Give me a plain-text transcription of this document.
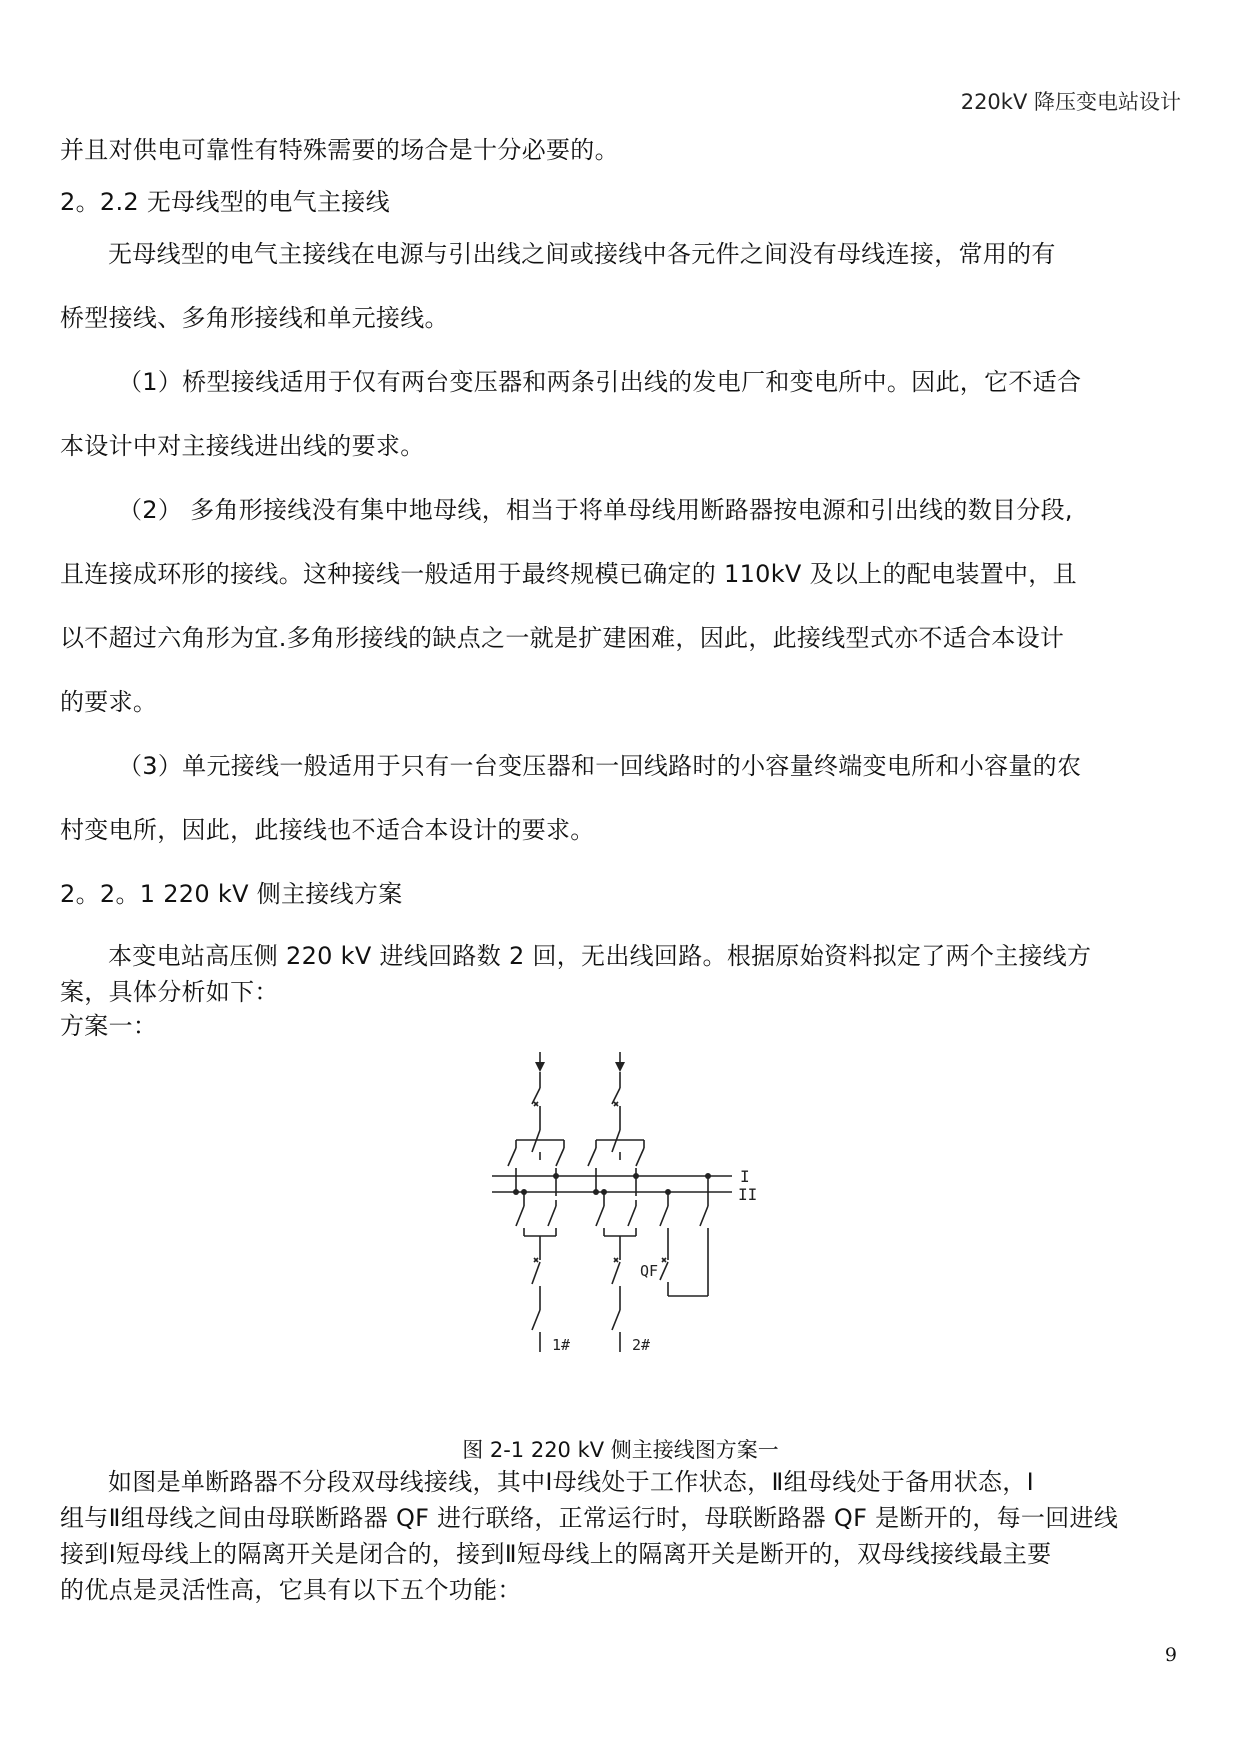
220kV 降压变电站设计
并且对供电可靠性有特殊需要的场合是十分必要的。
2。2.2 无母线型的电气主接线
无母线型的电气主接线在电源与引出线之间或接线中各元件之间没有母线连接，常用的有
桥型接线、多角形接线和单元接线。
（1）桥型接线适用于仅有两台变压器和两条引出线的发电厂和变电所中。因此，它不适合
本设计中对主接线进出线的要求。
（2） 多角形接线没有集中地母线，相当于将单母线用断路器按电源和引出线的数目分段,
且连接成环形的接线。这种接线一般适用于最终规模已确定的 110kV 及以上的配电装置中，且
以不超过六角形为宜.多角形接线的缺点之一就是扩建困难，因此，此接线型式亦不适合本设计
的要求。
（3）单元接线一般适用于只有一台变压器和一回线路时的小容量终端变电所和小容量的农
村变电所，因此，此接线也不适合本设计的要求。
2。2。1 220 kV 侧主接线方案
本变电站高压侧 220 kV 进线回路数 2 回，无出线回路。根据原始资料拟定了两个主接线方
案，具体分析如下：
方案一：
I
II
QF
1#	2#
图 2-1 220 kV 侧主接线图方案一
如图是单断路器不分段双母线接线，其中Ⅰ母线处于工作状态，Ⅱ组母线处于备用状态，Ⅰ
组与Ⅱ组母线之间由母联断路器 QF 进行联络，正常运行时，母联断路器 QF 是断开的，每一回进线
接到Ⅰ短母线上的隔离开关是闭合的，接到Ⅱ短母线上的隔离开关是断开的，双母线接线最主要
的优点是灵活性高，它具有以下五个功能：
9
